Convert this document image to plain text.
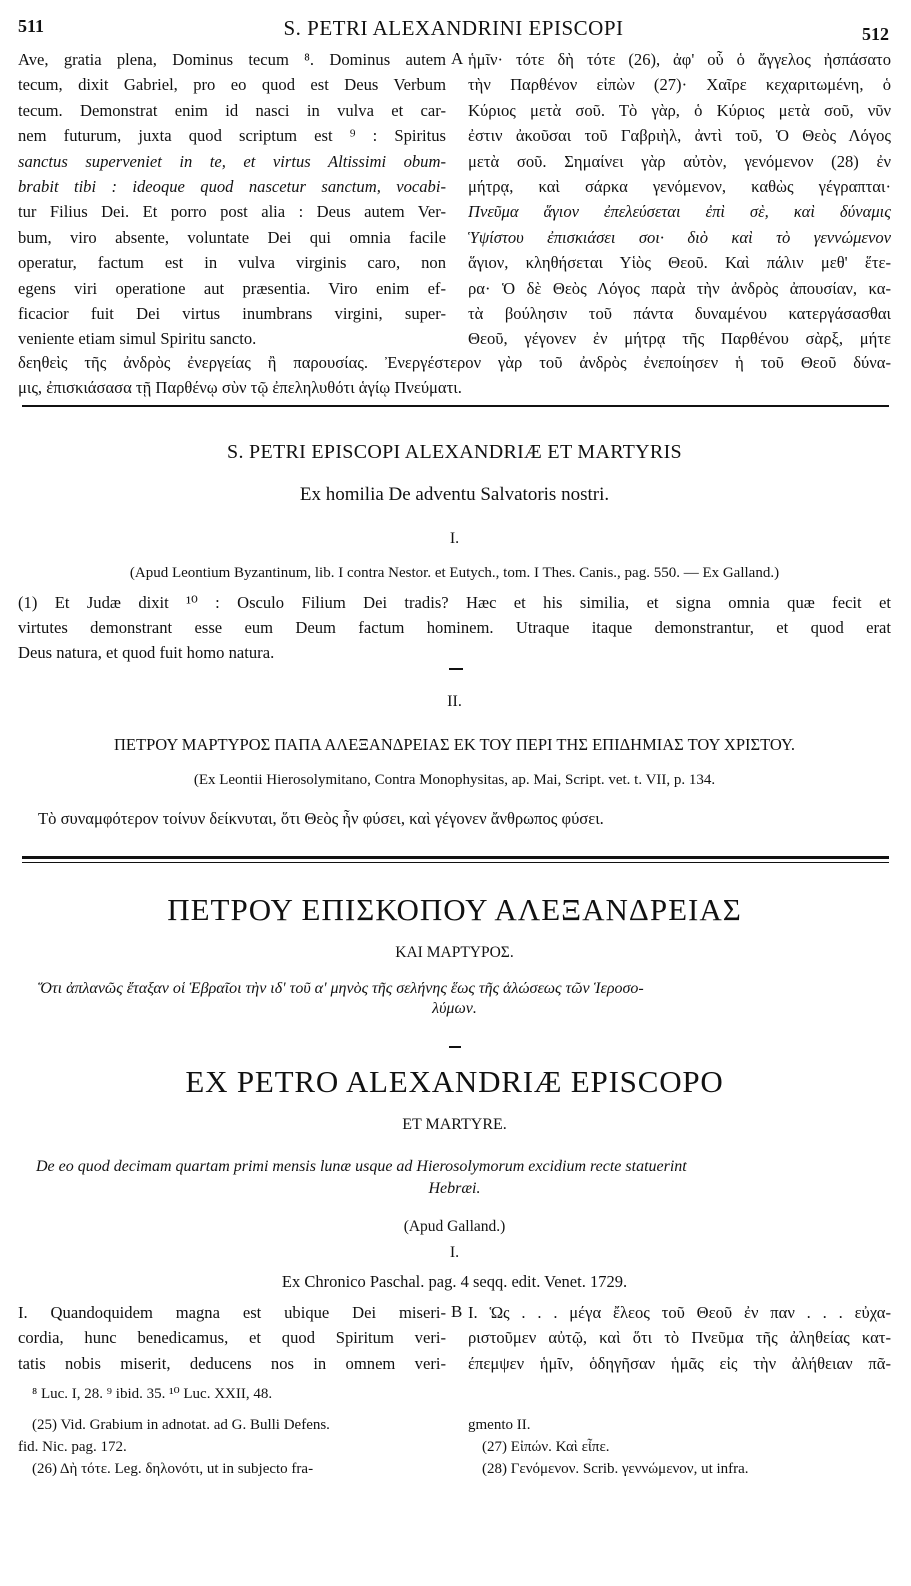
511	S. PETRI ALEXANDRINI EPISCOPI	512
Ave, gratia plena, Dominus tecum ⁸. Dominus autem
tecum, dixit Gabriel, pro eo quod est Deus Verbum
tecum. Demonstrat enim id nasci in vulva et car-
nem futurum, juxta quod scriptum est ⁹ : Spiritus
sanctus superveniet in te, et virtus Altissimi obum-
brabit tibi : ideoque quod nascetur sanctum, vocabi-
tur Filius Dei. Et porro post alia : Deus autem Ver-
bum, viro absente, voluntate Dei qui omnia facile
operatur, factum est in vulva virginis caro, non
egens viri operatione aut præsentia. Viro enim ef-
ficacior fuit Dei virtus inumbrans virgini, super-
veniente etiam simul Spiritu sancto.
A ἡμῖν· τότε δὴ τότε (26), ἀφ' οὗ ὁ ἄγγελος ἠσπάσατο
τὴν Παρθένον εἰπὼν (27)· Χαῖρε κεχαριτωμένη, ὁ
Κύριος μετὰ σοῦ. Τὸ γὰρ, ὁ Κύριος μετὰ σοῦ, νῦν
ἐστιν ἀκοῦσαι τοῦ Γαβριὴλ, ἀντὶ τοῦ, Ὁ Θεὸς Λόγος
μετὰ σοῦ. Σημαίνει γὰρ αὐτὸν, γενόμενον (28) ἐν
μήτρᾳ, καὶ σάρκα γενόμενον, καθὼς γέγραπται·
Πνεῦμα ἅγιον ἐπελεύσεται ἐπὶ σὲ, καὶ δύναμις
Ὑψίστου ἐπισκιάσει σοι· διὸ καὶ τὸ γεννώμενον
ἅγιον, κληθήσεται Υἱὸς Θεοῦ. Καὶ πάλιν μεθ' ἕτε-
ρα· Ὁ δὲ Θεὸς Λόγος παρὰ τὴν ἀνδρὸς ἀπουσίαν, κα-
τὰ βούλησιν τοῦ πάντα δυναμένου κατεργάσασθαι
Θεοῦ, γέγονεν ἐν μήτρᾳ τῆς Παρθένου σὰρξ, μήτε
δεηθεὶς τῆς ἀνδρὸς ἐνεργείας ἢ παρουσίας. Ἐνεργέστερον γὰρ τοῦ ἀνδρὸς ἐνεποίησεν ἡ τοῦ Θεοῦ δύνα-
μις, ἐπισκιάσασα τῇ Παρθένῳ σὺν τῷ ἐπεληλυθότι ἁγίῳ Πνεύματι.
S. PETRI EPISCOPI ALEXANDRIÆ ET MARTYRIS
Ex homilia De adventu Salvatoris nostri.
I.
(Apud Leontium Byzantinum, lib. I contra Nestor. et Eutych., tom. I Thes. Canis., pag. 550. — Ex Galland.)
(1) Et Judæ dixit ¹⁰ : Osculo Filium Dei tradis? Hæc et his similia, et signa omnia quæ fecit et
virtutes demonstrant esse eum Deum factum hominem. Utraque itaque demonstrantur, et quod erat
Deus natura, et quod fuit homo natura.
II.
ΠΕΤΡΟΥ ΜΑΡΤΥΡΟΣ ΠΑΠΑ ΑΛΕΞΑΝΔΡΕΙΑΣ ΕΚ ΤΟΥ ΠΕΡΙ ΤΗΣ ΕΠΙΔΗΜΙΑΣ ΤΟΥ ΧΡΙΣΤΟΥ.
(Ex Leontii Hierosolymitano, Contra Monophysitas, ap. Mai, Script. vet. t. VII, p. 134.
Τὸ συναμφότερον τοίνυν δείκνυται, ὅτι Θεὸς ἦν φύσει, καὶ γέγονεν ἄνθρωπος φύσει.
ΠΕΤΡΟΥ ΕΠΙΣΚΟΠΟΥ ΑΛΕΞΑΝΔΡΕΙΑΣ
ΚΑΙ ΜΑΡΤΥΡΟΣ.
Ὅτι ἀπλανῶς ἔταξαν οἱ Ἑβραῖοι τὴν ιδ' τοῦ α' μηνὸς τῆς σελήνης ἕως τῆς ἁλώσεως τῶν Ἱεροσο-
λύμων.
EX PETRO ALEXANDRIÆ EPISCOPO
ET MARTYRE.
De eo quod decimam quartam primi mensis lunæ usque ad Hierosolymorum excidium recte statuerint
Hebræi.
(Apud Galland.)
I.
Ex Chronico Paschal. pag. 4 seqq. edit. Venet. 1729.
I. Quandoquidem magna est ubique Dei miseri-
cordia, hunc benedicamus, et quod Spiritum veri-
tatis nobis miserit, deducens nos in omnem veri-
B I. Ὡς . . . μέγα ἔλεος τοῦ Θεοῦ ἐν παν . . . εὐχα-
ριστοῦμεν αὐτῷ, καὶ ὅτι τὸ Πνεῦμα τῆς ἀληθείας κατ-
έπεμψεν ἡμῖν, ὁδηγῆσαν ἡμᾶς εἰς τὴν ἀλήθειαν πᾶ-
⁸ Luc. I, 28. ⁹ ibid. 35. ¹⁰ Luc. XXII, 48.
(25) Vid. Grabium in adnotat. ad G. Bulli Defens.
fid. Nic. pag. 172.
(26) Δὴ τότε. Leg. δηλονότι, ut in subjecto fra-
gmento II.
(27) Εἰπών. Καὶ εἶπε.
(28) Γενόμενον. Scrib. γεννώμενον, ut infra.
